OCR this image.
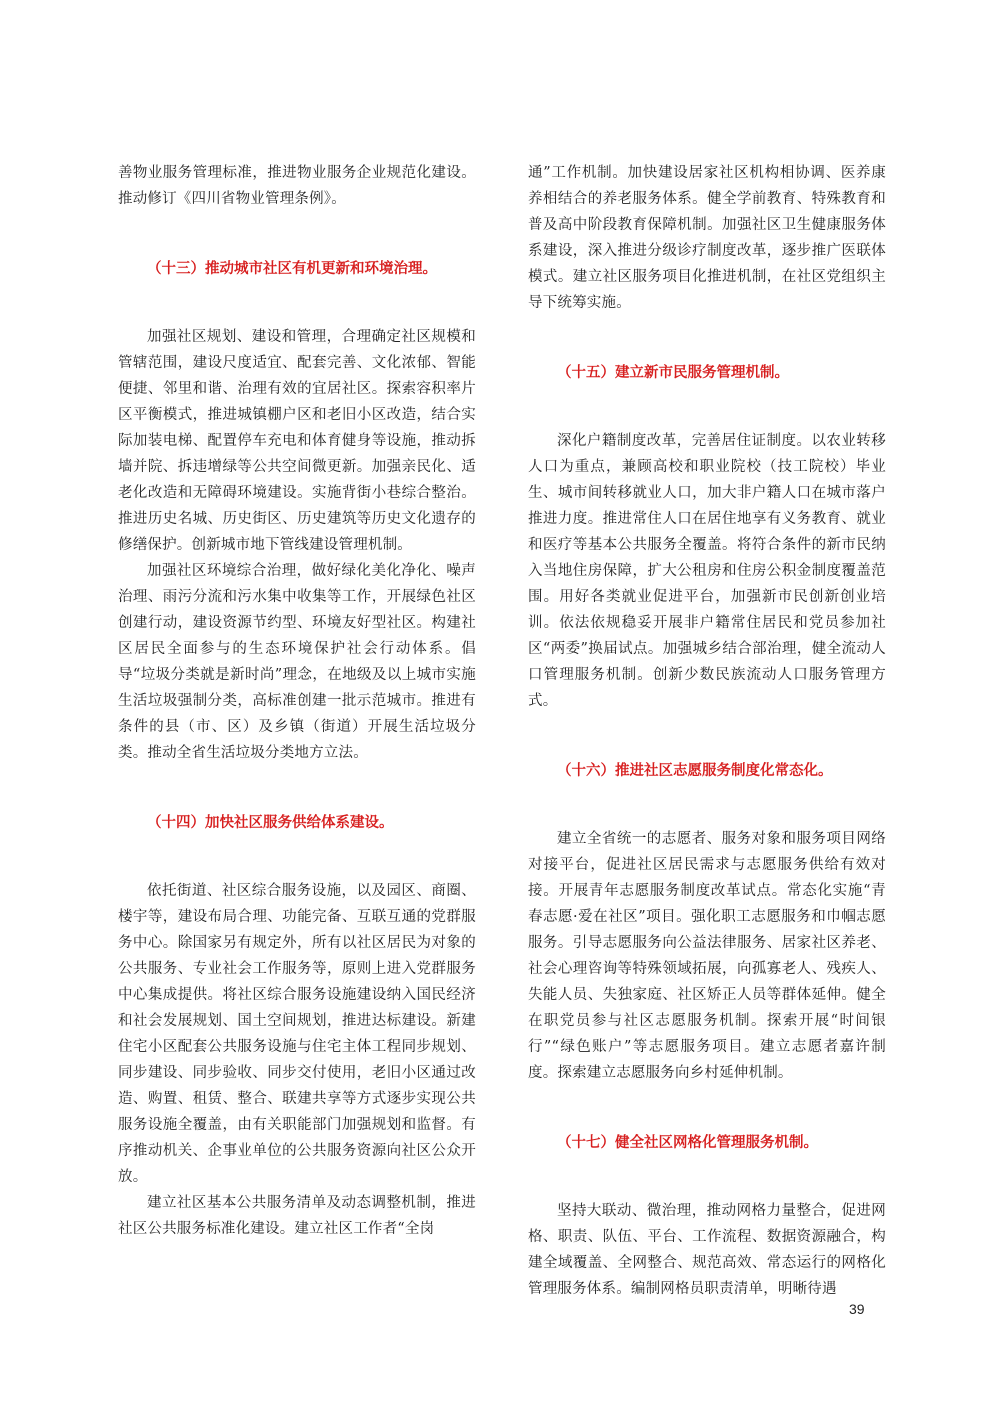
善物业服务管理标准，推进物业服务企业规范化建设。推动修订《四川省物业管理条例》。

（十三）推动城市社区有机更新和环境治理。

加强社区规划、建设和管理，合理确定社区规模和管辖范围，建设尺度适宜、配套完善、文化浓郁、智能便捷、邻里和谐、治理有效的宜居社区。探索容积率片区平衡模式，推进城镇棚户区和老旧小区改造，结合实际加装电梯、配置停车充电和体育健身等设施，推动拆墙并院、拆违增绿等公共空间微更新。加强亲民化、适老化改造和无障碍环境建设。实施背街小巷综合整治。推进历史名城、历史街区、历史建筑等历史文化遗存的修缮保护。创新城市地下管线建设管理机制。

加强社区环境综合治理，做好绿化美化净化、噪声治理、雨污分流和污水集中收集等工作，开展绿色社区创建行动，建设资源节约型、环境友好型社区。构建社区居民全面参与的生态环境保护社会行动体系。倡导“垃圾分类就是新时尚”理念，在地级及以上城市实施生活垃圾强制分类，高标准创建一批示范城市。推进有条件的县（市、区）及乡镇（街道）开展生活垃圾分类。推动全省生活垃圾分类地方立法。

（十四）加快社区服务供给体系建设。

依托街道、社区综合服务设施，以及园区、商圈、楼宇等，建设布局合理、功能完备、互联互通的党群服务中心。除国家另有规定外，所有以社区居民为对象的公共服务、专业社会工作服务等，原则上进入党群服务中心集成提供。将社区综合服务设施建设纳入国民经济和社会发展规划、国土空间规划，推进达标建设。新建住宅小区配套公共服务设施与住宅主体工程同步规划、同步建设、同步验收、同步交付使用，老旧小区通过改造、购置、租赁、整合、联建共享等方式逐步实现公共服务设施全覆盖，由有关职能部门加强规划和监督。有序推动机关、企事业单位的公共服务资源向社区公众开放。

建立社区基本公共服务清单及动态调整机制，推进社区公共服务标准化建设。建立社区工作者“全岗

通”工作机制。加快建设居家社区机构相协调、医养康养相结合的养老服务体系。健全学前教育、特殊教育和普及高中阶段教育保障机制。加强社区卫生健康服务体系建设，深入推进分级诊疗制度改革，逐步推广医联体模式。建立社区服务项目化推进机制，在社区党组织主导下统筹实施。

（十五）建立新市民服务管理机制。

深化户籍制度改革，完善居住证制度。以农业转移人口为重点，兼顾高校和职业院校（技工院校）毕业生、城市间转移就业人口，加大非户籍人口在城市落户推进力度。推进常住人口在居住地享有义务教育、就业和医疗等基本公共服务全覆盖。将符合条件的新市民纳入当地住房保障，扩大公租房和住房公积金制度覆盖范围。用好各类就业促进平台，加强新市民创新创业培训。依法依规稳妥开展非户籍常住居民和党员参加社区“两委”换届试点。加强城乡结合部治理，健全流动人口管理服务机制。创新少数民族流动人口服务管理方式。

（十六）推进社区志愿服务制度化常态化。

建立全省统一的志愿者、服务对象和服务项目网络对接平台，促进社区居民需求与志愿服务供给有效对接。开展青年志愿服务制度改革试点。常态化实施“青春志愿·爱在社区”项目。强化职工志愿服务和巾帼志愿服务。引导志愿服务向公益法律服务、居家社区养老、社会心理咨询等特殊领域拓展，向孤寡老人、残疾人、失能人员、失独家庭、社区矫正人员等群体延伸。健全在职党员参与社区志愿服务机制。探索开展“时间银行”“绿色账户”等志愿服务项目。建立志愿者嘉许制度。探索建立志愿服务向乡村延伸机制。

（十七）健全社区网格化管理服务机制。

坚持大联动、微治理，推动网格力量整合，促进网格、职责、队伍、平台、工作流程、数据资源融合，构建全域覆盖、全网整合、规范高效、常态运行的网格化管理服务体系。编制网格员职责清单，明晰待遇

39
